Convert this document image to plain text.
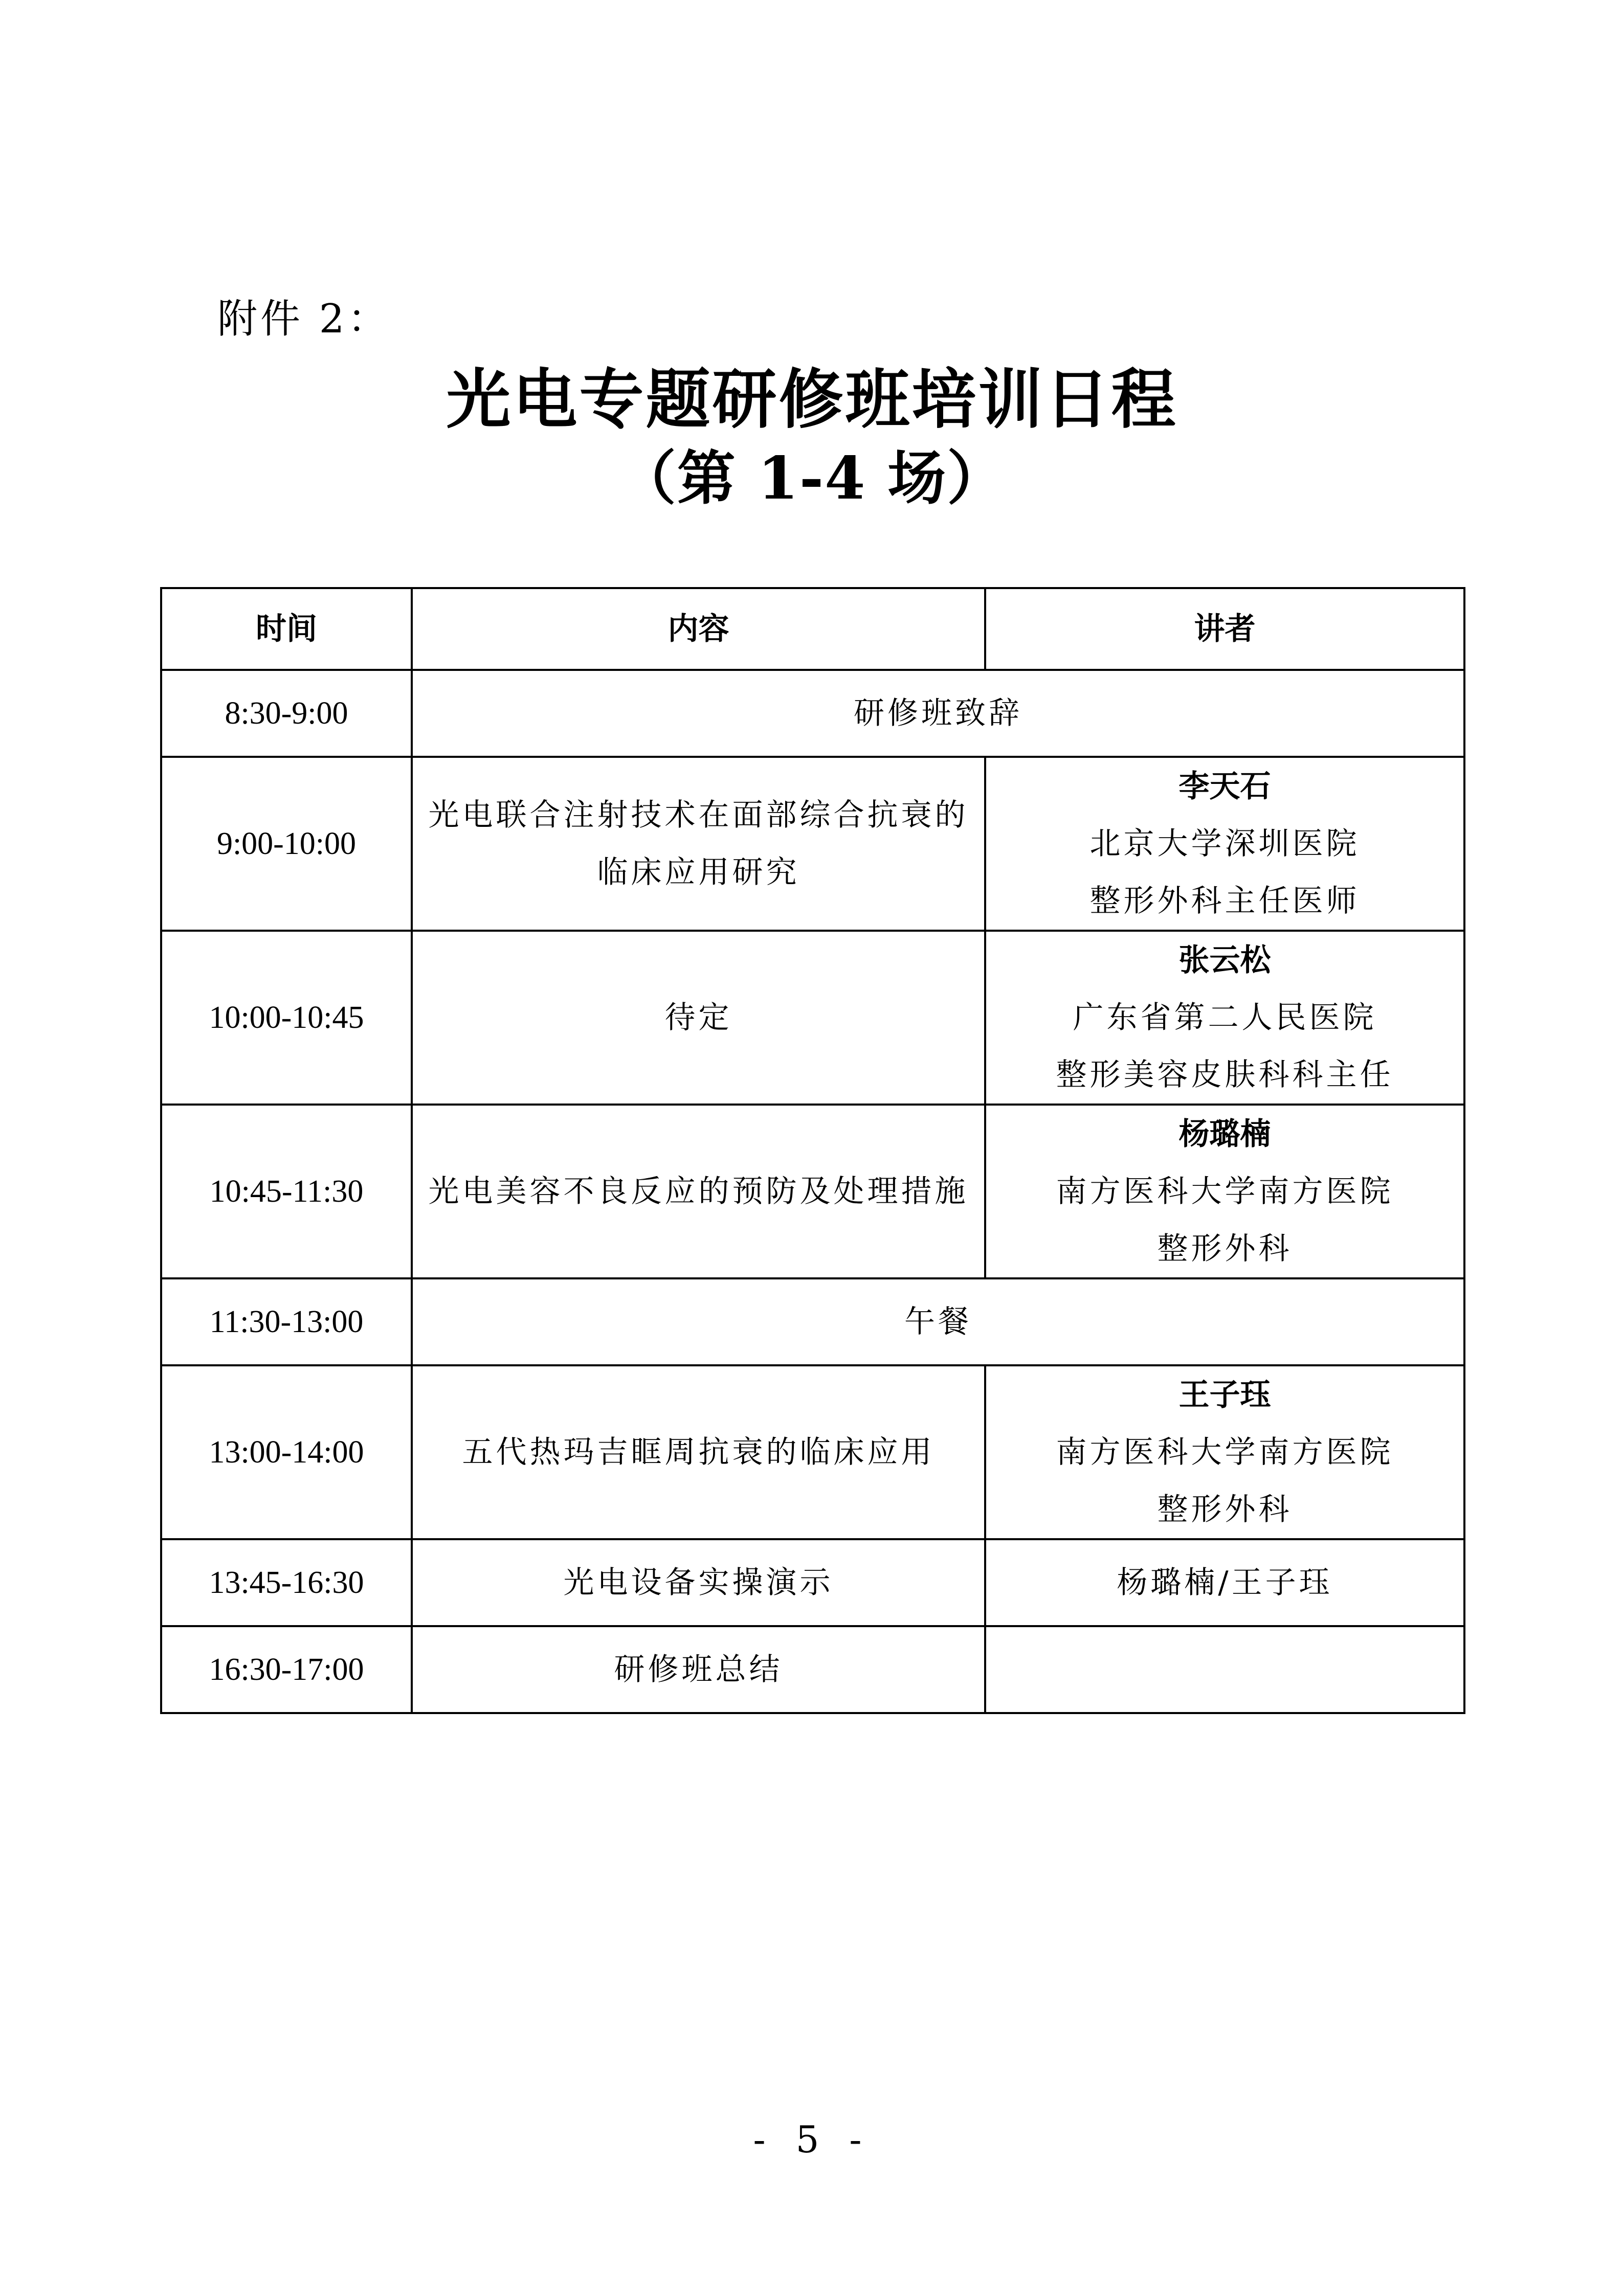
附件 2：
光电专题研修班培训日程
（第 1-4 场）
时间	内容	讲者
8:30-9:00	研修班致辞	
9:00-10:00	光电联合注射技术在面部综合抗衰的
临床应用研究	李天石
北京大学深圳医院
整形外科主任医师

10:00-10:45	待定	张云松
广东省第二人民医院
整形美容皮肤科科主任

10:45-11:30	光电美容不良反应的预防及处理措施	杨璐楠
南方医科大学南方医院
整形外科

11:30-13:00	午餐	
13:00-14:00	五代热玛吉眶周抗衰的临床应用	王子珏
南方医科大学南方医院
整形外科

13:45-16:30	光电设备实操演示	杨璐楠/王子珏
16:30-17:00	研修班总结	
- 5 -
